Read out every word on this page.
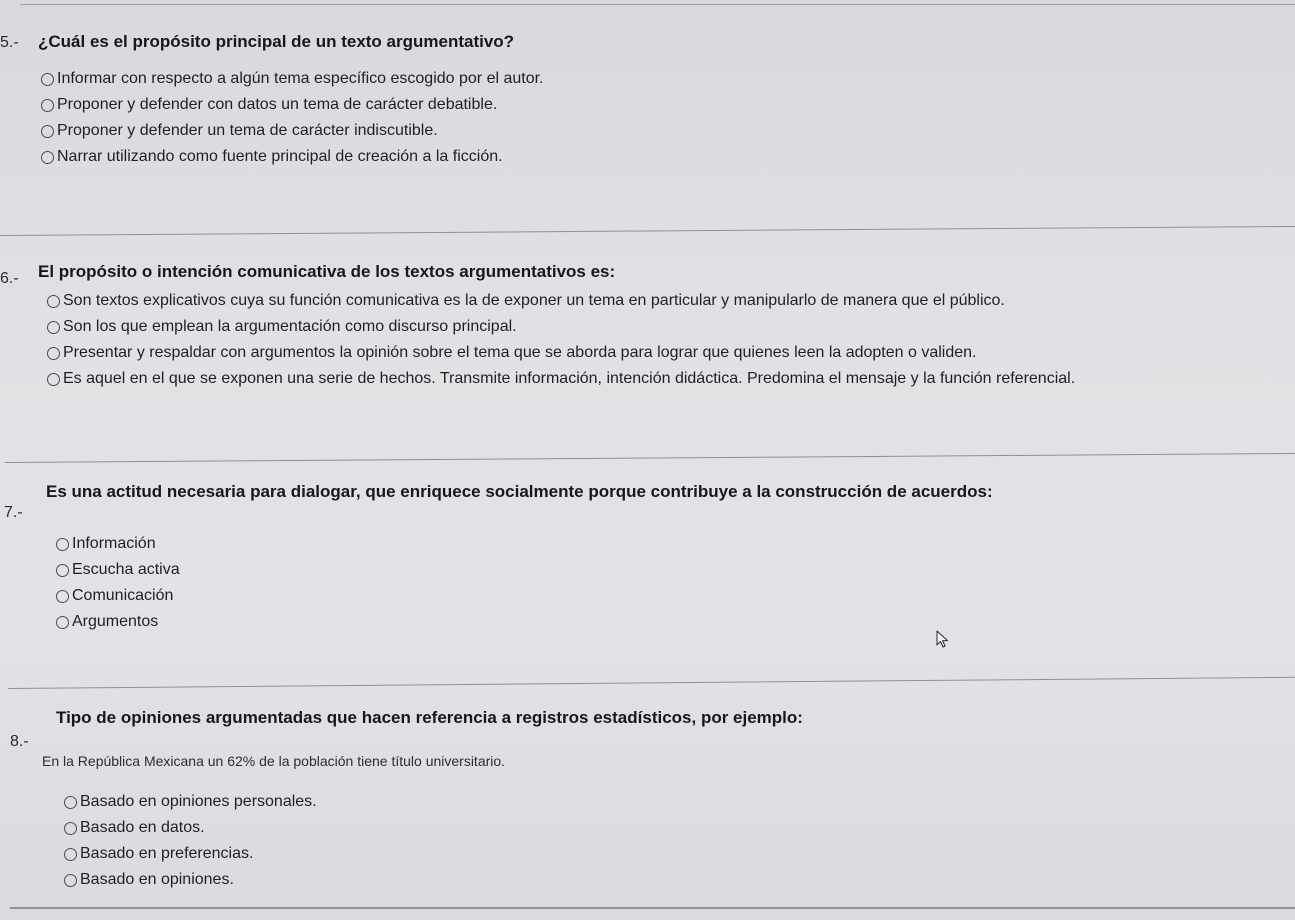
5.- ¿Cuál es el propósito principal de un texto argumentativo?
Informar con respecto a algún tema específico escogido por el autor.
Proponer y defender con datos un tema de carácter debatible.
Proponer y defender un tema de carácter indiscutible.
Narrar utilizando como fuente principal de creación a la ficción.
6.- El propósito o intención comunicativa de los textos argumentativos es:
Son textos explicativos cuya su función comunicativa es la de exponer un tema en particular y manipularlo de manera que el público.
Son los que emplean la argumentación como discurso principal.
Presentar y respaldar con argumentos la opinión sobre el tema que se aborda para lograr que quienes leen la adopten o validen.
Es aquel en el que se exponen una serie de hechos. Transmite información, intención didáctica. Predomina el mensaje y la función referencial.
7.-
Es una actitud necesaria para dialogar, que enriquece socialmente porque contribuye a la construcción de acuerdos:
Información
Escucha activa
Comunicación
Argumentos
8.-
Tipo de opiniones argumentadas que hacen referencia a registros estadísticos, por ejemplo:
En la República Mexicana un 62% de la población tiene título universitario.
Basado en opiniones personales.
Basado en datos.
Basado en preferencias.
Basado en opiniones.
